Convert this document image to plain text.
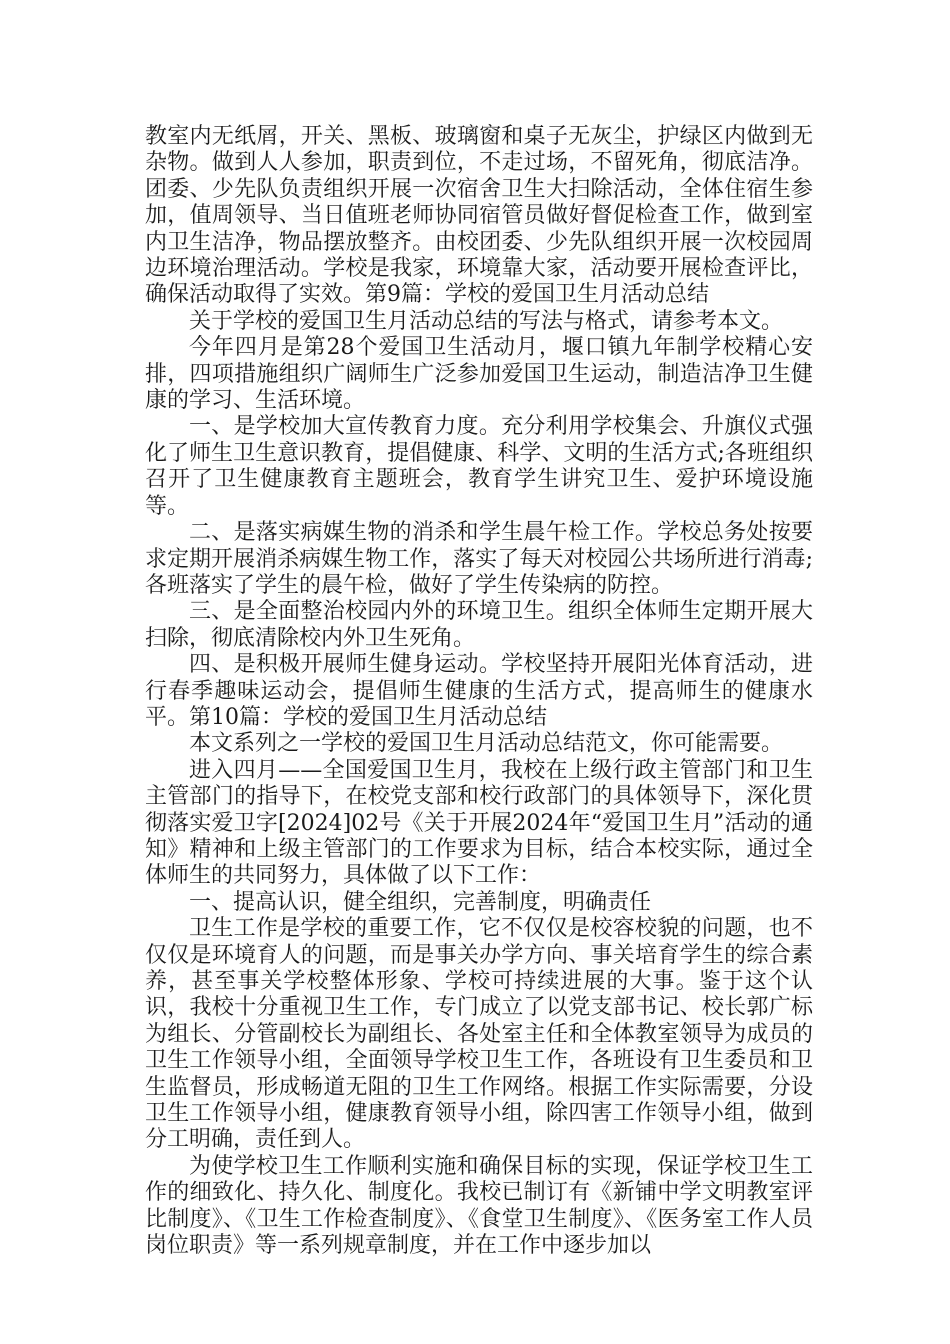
教室内无纸屑，开关、黑板、玻璃窗和桌子无灰尘，护绿区内做到无杂物。做到人人参加，职责到位，不走过场，不留死角，彻底洁净。团委、少先队负责组织开展一次宿舍卫生大扫除活动，全体住宿生参加，值周领导、当日值班老师协同宿管员做好督促检查工作，做到室内卫生洁净，物品摆放整齐。由校团委、少先队组织开展一次校园周边环境治理活动。学校是我家，环境靠大家，活动要开展检查评比，确保活动取得了实效。第9篇：学校的爱国卫生月活动总结

关于学校的爱国卫生月活动总结的写法与格式，请参考本文。

今年四月是第28个爱国卫生活动月，堰口镇九年制学校精心安排，四项措施组织广阔师生广泛参加爱国卫生运动，制造洁净卫生健康的学习、生活环境。

一、是学校加大宣传教育力度。充分利用学校集会、升旗仪式强化了师生卫生意识教育，提倡健康、科学、文明的生活方式;各班组织召开了卫生健康教育主题班会，教育学生讲究卫生、爱护环境设施等。

二、是落实病媒生物的消杀和学生晨午检工作。学校总务处按要求定期开展消杀病媒生物工作，落实了每天对校园公共场所进行消毒;各班落实了学生的晨午检，做好了学生传染病的防控。

三、是全面整治校园内外的环境卫生。组织全体师生定期开展大扫除，彻底清除校内外卫生死角。

四、是积极开展师生健身运动。学校坚持开展阳光体育活动，进行春季趣味运动会，提倡师生健康的生活方式，提高师生的健康水平。第10篇：学校的爱国卫生月活动总结

本文系列之一学校的爱国卫生月活动总结范文，你可能需要。

进入四月——全国爱国卫生月，我校在上级行政主管部门和卫生主管部门的指导下，在校党支部和校行政部门的具体领导下，深化贯彻落实爱卫字[2024]02号《关于开展2024年“爱国卫生月”活动的通知》精神和上级主管部门的工作要求为目标，结合本校实际，通过全体师生的共同努力，具体做了以下工作：

一、提高认识，健全组织，完善制度，明确责任

卫生工作是学校的重要工作，它不仅仅是校容校貌的问题，也不仅仅是环境育人的问题，而是事关办学方向、事关培育学生的综合素养，甚至事关学校整体形象、学校可持续进展的大事。鉴于这个认识，我校十分重视卫生工作，专门成立了以党支部书记、校长郭广标为组长、分管副校长为副组长、各处室主任和全体教室领导为成员的卫生工作领导小组，全面领导学校卫生工作，各班设有卫生委员和卫生监督员，形成畅道无阻的卫生工作网络。根据工作实际需要，分设卫生工作领导小组，健康教育领导小组，除四害工作领导小组，做到分工明确，责任到人。

为使学校卫生工作顺利实施和确保目标的实现，保证学校卫生工作的细致化、持久化、制度化。我校已制订有《新铺中学文明教室评比制度》、《卫生工作检查制度》、《食堂卫生制度》、《医务室工作人员岗位职责》等一系列规章制度，并在工作中逐步加以
